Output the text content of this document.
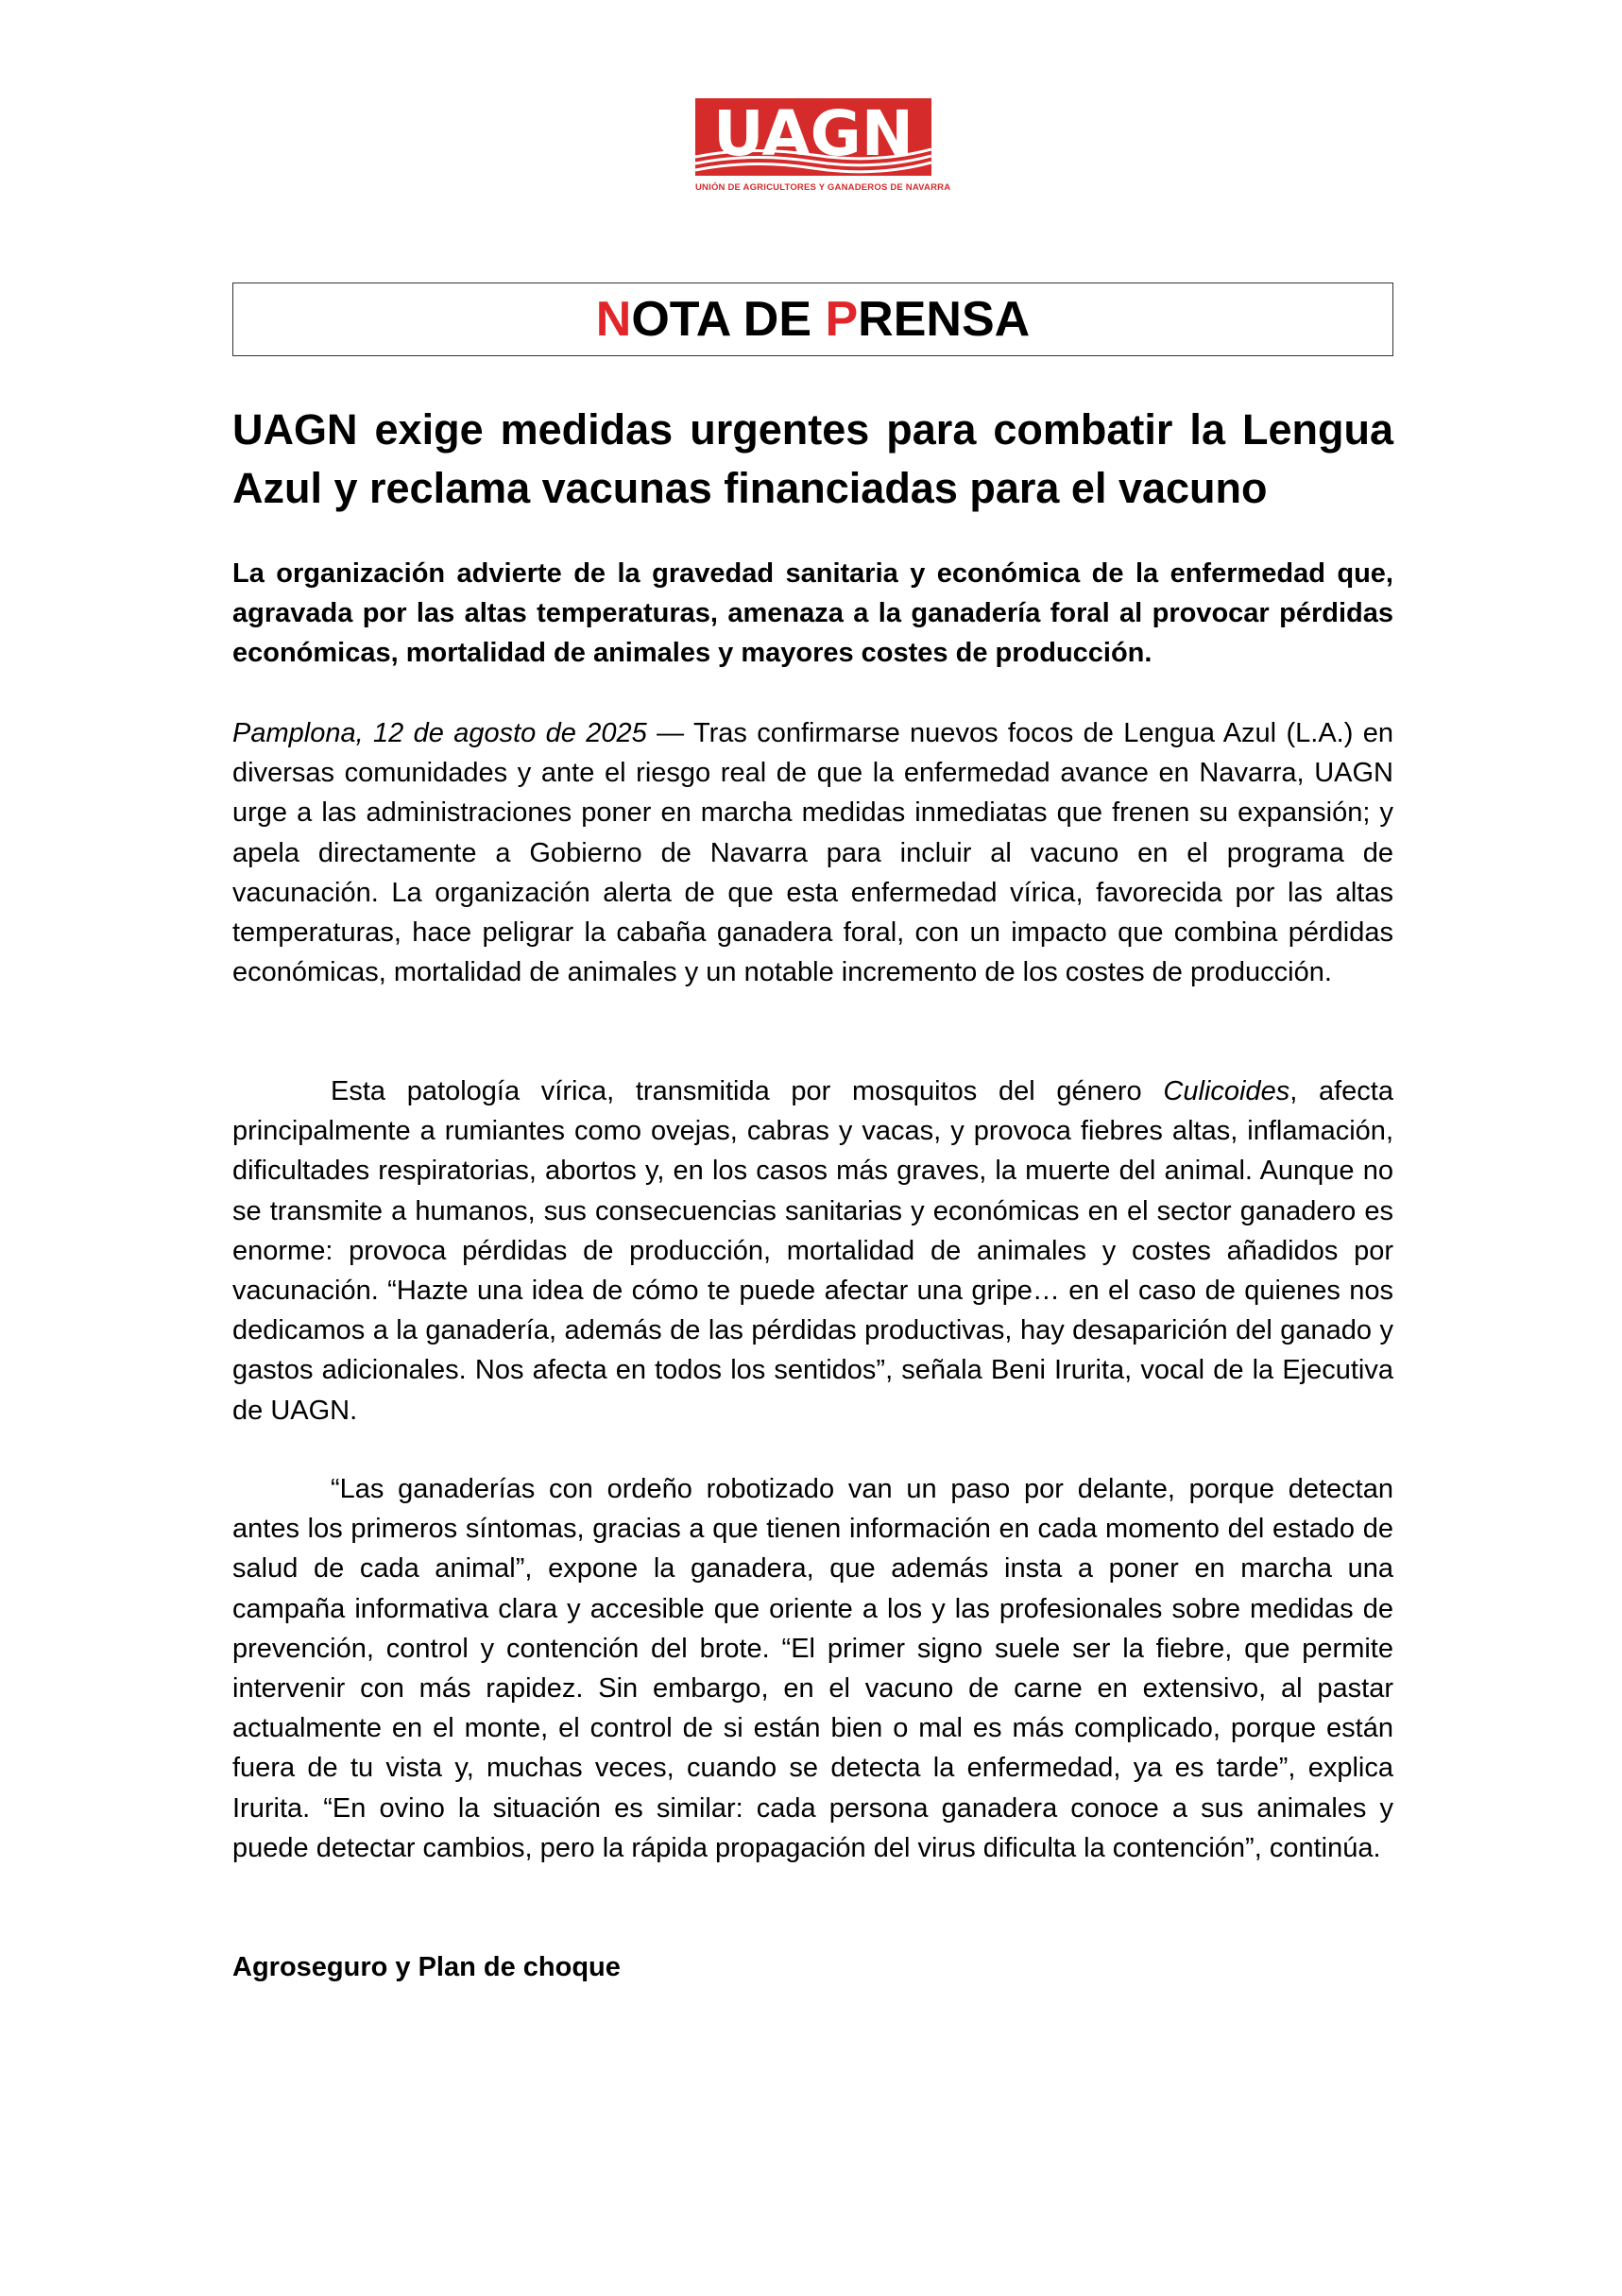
UAGN
UNIÓN DE AGRICULTORES Y GANADEROS DE NAVARRA
NOTA DE PRENSA
UAGN exige medidas urgentes para combatir la Lengua Azul y reclama vacunas financiadas para el vacuno
La organización advierte de la gravedad sanitaria y económica de la enfermedad que, agravada por las altas temperaturas, amenaza a la ganadería foral al provocar pérdidas económicas, mortalidad de animales y mayores costes de producción.
Pamplona, 12 de agosto de 2025 — Tras confirmarse nuevos focos de Lengua Azul (L.A.) en diversas comunidades y ante el riesgo real de que la enfermedad avance en Navarra, UAGN urge a las administraciones poner en marcha medidas inmediatas que frenen su expansión; y apela directamente a Gobierno de Navarra para incluir al vacuno en el programa de vacunación. La organización alerta de que esta enfermedad vírica, favorecida por las altas temperaturas, hace peligrar la cabaña ganadera foral, con un impacto que combina pérdidas económicas, mortalidad de animales y un notable incremento de los costes de producción.
Esta patología vírica, transmitida por mosquitos del género Culicoides, afecta principalmente a rumiantes como ovejas, cabras y vacas, y provoca fiebres altas, inflamación, dificultades respiratorias, abortos y, en los casos más graves, la muerte del animal. Aunque no se transmite a humanos, sus consecuencias sanitarias y económicas en el sector ganadero es enorme: provoca pérdidas de producción, mortalidad de animales y costes añadidos por vacunación. “Hazte una idea de cómo te puede afectar una gripe… en el caso de quienes nos dedicamos a la ganadería, además de las pérdidas productivas, hay desaparición del ganado y gastos adicionales. Nos afecta en todos los sentidos”, señala Beni Irurita, vocal de la Ejecutiva de UAGN.
“Las ganaderías con ordeño robotizado van un paso por delante, porque detectan antes los primeros síntomas, gracias a que tienen información en cada momento del estado de salud de cada animal”, expone la ganadera, que además insta a poner en marcha una campaña informativa clara y accesible que oriente a los y las profesionales sobre medidas de prevención, control y contención del brote. “El primer signo suele ser la fiebre, que permite intervenir con más rapidez. Sin embargo, en el vacuno de carne en extensivo, al pastar actualmente en el monte, el control de si están bien o mal es más complicado, porque están fuera de tu vista y, muchas veces, cuando se detecta la enfermedad, ya es tarde”, explica Irurita. “En ovino la situación es similar: cada persona ganadera conoce a sus animales y puede detectar cambios, pero la rápida propagación del virus dificulta la contención”, continúa.
Agroseguro y Plan de choque
